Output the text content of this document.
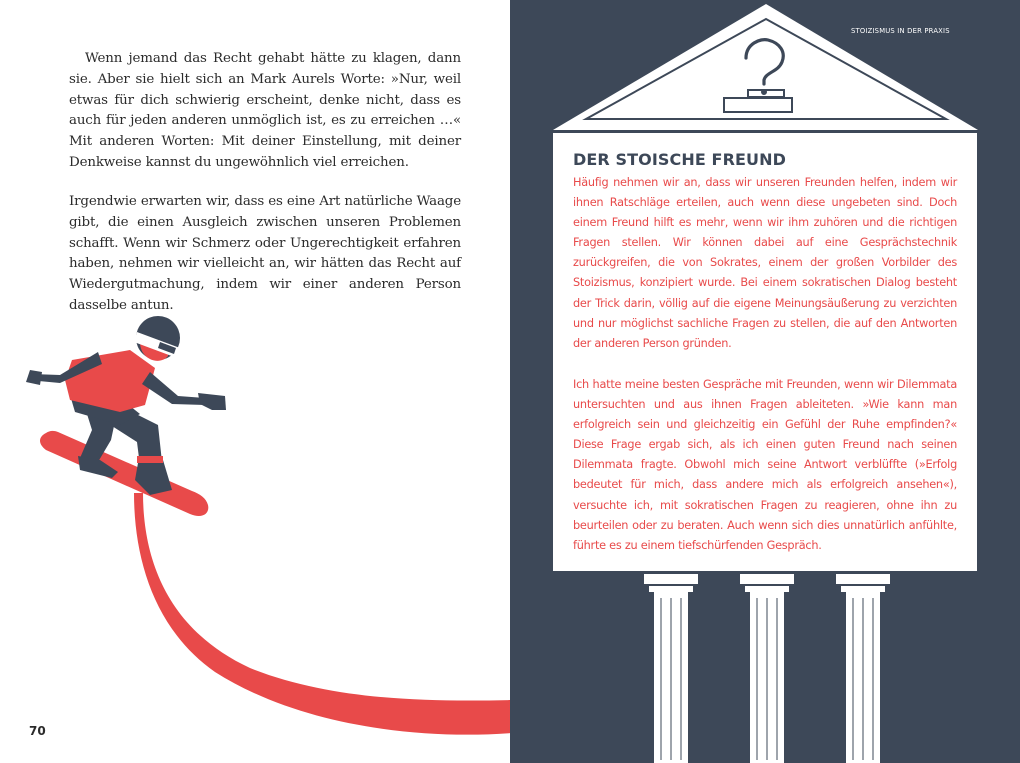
Wenn jemand das Recht gehabt hätte zu klagen, dann sie. Aber sie hielt sich an Mark Aurels Worte: »Nur, weil etwas für dich schwierig erscheint, denke nicht, dass es auch für jeden anderen unmöglich ist, es zu erreichen …« Mit anderen Worten: Mit deiner Einstellung, mit deiner Denkweise kannst du ungewöhnlich viel erreichen.

Irgendwie erwarten wir, dass es eine Art natürliche Waage gibt, die einen Ausgleich zwischen unseren Problemen schafft. Wenn wir Schmerz oder Ungerechtigkeit erfahren haben, nehmen wir vielleicht an, wir hätten das Recht auf Wiedergutmachung, indem wir einer anderen Person dasselbe antun.

70
STOIZISMUS IN DER PRAXIS
DER STOISCHE FREUND

Häufig nehmen wir an, dass wir unseren Freunden helfen, indem wir ihnen Ratschläge erteilen, auch wenn diese ungebeten sind. Doch einem Freund hilft es mehr, wenn wir ihm zuhören und die richtigen Fragen stellen. Wir können dabei auf eine Gesprächstechnik zurückgreifen, die von Sokrates, einem der großen Vorbilder des Stoizismus, konzipiert wurde. Bei einem sokratischen Dialog besteht der Trick darin, völlig auf die eigene Meinungsäußerung zu verzichten und nur möglichst sachliche Fragen zu stellen, die auf den Antworten der anderen Person gründen.

Ich hatte meine besten Gespräche mit Freunden, wenn wir Dilemmata untersuchten und aus ihnen Fragen ableiteten. »Wie kann man erfolgreich sein und gleichzeitig ein Gefühl der Ruhe empfinden?« Diese Frage ergab sich, als ich einen guten Freund nach seinen Dilemmata fragte. Obwohl mich seine Antwort verblüffte (»Erfolg bedeutet für mich, dass andere mich als erfolgreich ansehen«), versuchte ich, mit sokratischen Fragen zu reagieren, ohne ihn zu beurteilen oder zu beraten. Auch wenn sich dies unnatürlich anfühlte, führte es zu einem tiefschürfenden Gespräch.
